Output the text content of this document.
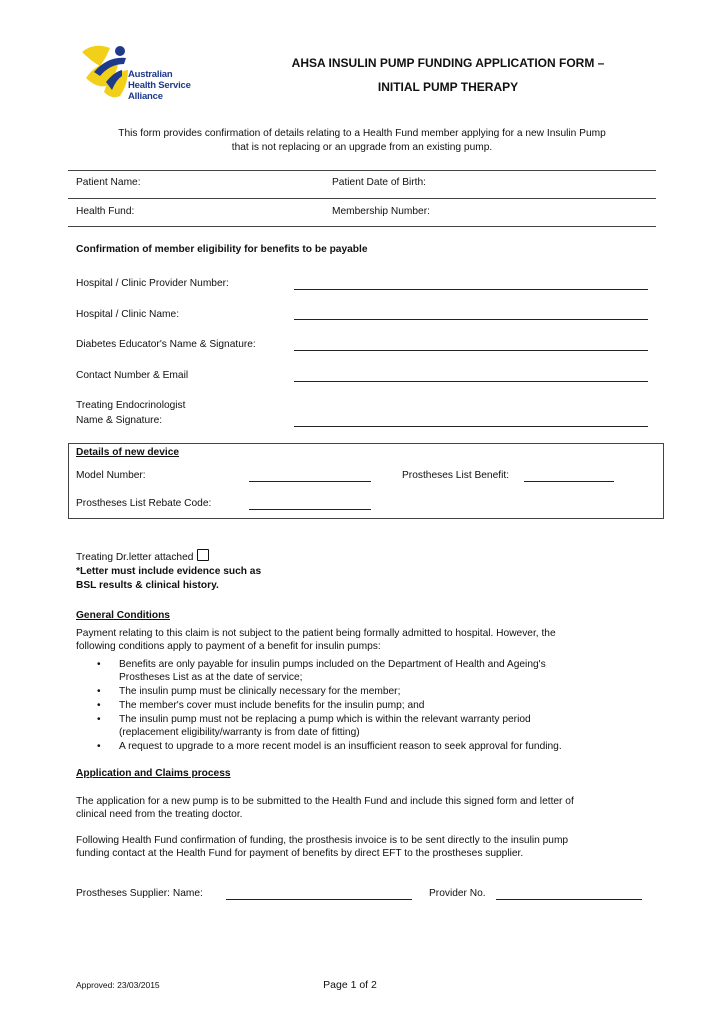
Australian
Health Service
Alliance
AHSA INSULIN PUMP FUNDING APPLICATION FORM –
INITIAL PUMP THERAPY
This form provides confirmation of details relating to a Health Fund member applying for a new Insulin Pump
that is not replacing or an upgrade from an existing pump.
Patient Name:	Patient Date of Birth:
Health Fund:	Membership Number:
Confirmation of member eligibility for benefits to be payable
Hospital / Clinic Provider Number:
Hospital / Clinic Name:
Diabetes Educator's Name & Signature:
Contact Number & Email
Treating Endocrinologist
Name & Signature:
Details of new device
Model Number:	Prostheses List Benefit:
Prostheses List Rebate Code:
Treating Dr.letter attached
*Letter must include evidence such as
BSL results & clinical history.
General Conditions
Payment relating to this claim is not subject to the patient being formally admitted to hospital. However, the
following conditions apply to payment of a benefit for insulin pumps:
• Benefits are only payable for insulin pumps included on the Department of Health and Ageing's
Prostheses List as at the date of service;
• The insulin pump must be clinically necessary for the member;
• The member's cover must include benefits for the insulin pump; and
• The insulin pump must not be replacing a pump which is within the relevant warranty period
(replacement eligibility/warranty is from date of fitting)
• A request to upgrade to a more recent model is an insufficient reason to seek approval for funding.
Application and Claims process
The application for a new pump is to be submitted to the Health Fund and include this signed form and letter of
clinical need from the treating doctor.
Following Health Fund confirmation of funding, the prosthesis invoice is to be sent directly to the insulin pump
funding contact at the Health Fund for payment of benefits by direct EFT to the prostheses supplier.
Prostheses Supplier: Name:	Provider No.
Approved: 23/03/2015	Page 1 of 2
